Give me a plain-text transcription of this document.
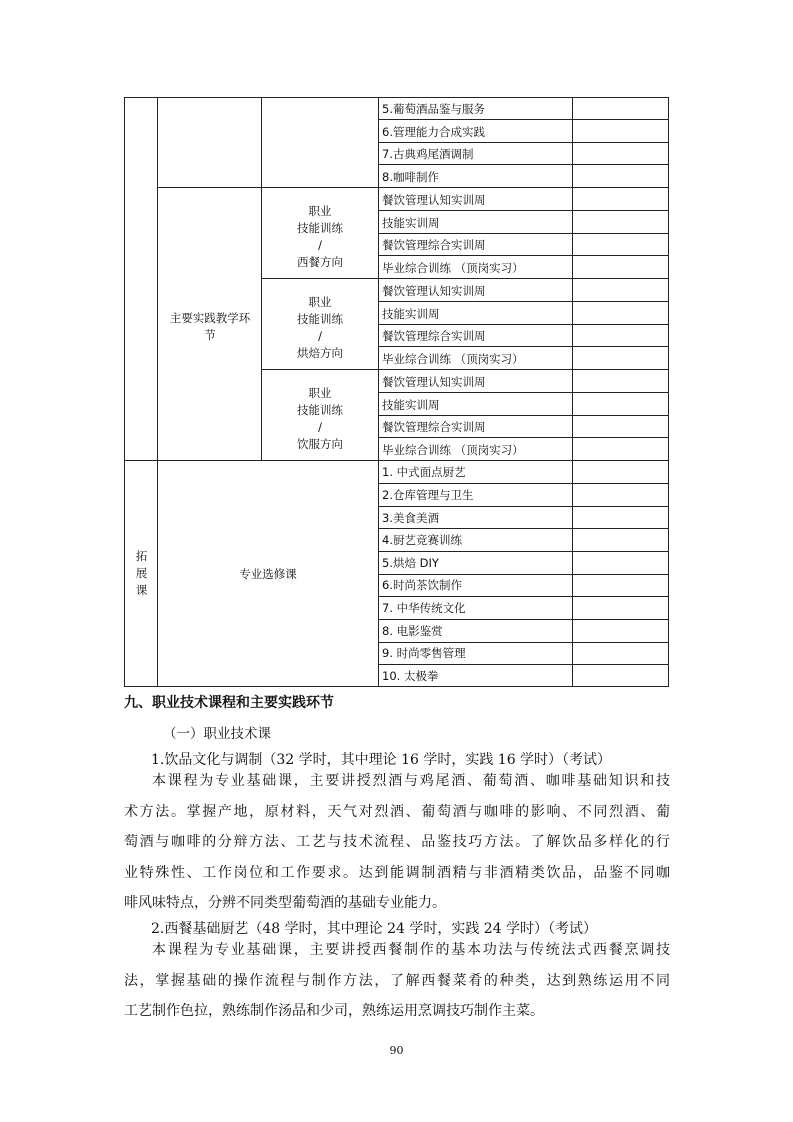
5.葡萄酒品鉴与服务
6.管理能力合成实践
7.古典鸡尾酒调制
8.咖啡制作
主要实践教学环节
职业
技能训练
/
西餐方向
餐饮管理认知实训周
技能实训周
餐饮管理综合实训周
毕业综合训练 （顶岗实习）
职业
技能训练
/
烘焙方向
餐饮管理认知实训周
技能实训周
餐饮管理综合实训周
毕业综合训练 （顶岗实习）
职业
技能训练
/
饮服方向
餐饮管理认知实训周
技能实训周
餐饮管理综合实训周
毕业综合训练 （顶岗实习）
拓
展
课
专业选修课
1. 中式面点厨艺
2.仓库管理与卫生
3.美食美酒
4.厨艺竞赛训练
5.烘焙 DIY
6.时尚茶饮制作
7. 中华传统文化
8. 电影鉴赏
9. 时尚零售管理
10. 太极拳
九、职业技术课程和主要实践环节
（一）职业技术课
1.饮品文化与调制（32 学时，其中理论 16 学时，实践 16 学时）（考试）
本课程为专业基础课，主要讲授烈酒与鸡尾酒、葡萄酒、咖啡基础知识和技
术方法。掌握产地，原材料，天气对烈酒、葡萄酒与咖啡的影响、不同烈酒、葡
萄酒与咖啡的分辩方法、工艺与技术流程、品鉴技巧方法。了解饮品多样化的行
业特殊性、工作岗位和工作要求。达到能调制酒精与非酒精类饮品，品鉴不同咖
啡风味特点，分辨不同类型葡萄酒的基础专业能力。
2.西餐基础厨艺（48 学时，其中理论 24 学时，实践 24 学时）（考试）
本课程为专业基础课，主要讲授西餐制作的基本功法与传统法式西餐烹调技
法，掌握基础的操作流程与制作方法，了解西餐菜肴的种类，达到熟练运用不同
工艺制作色拉，熟练制作汤品和少司，熟练运用烹调技巧制作主菜。
90
